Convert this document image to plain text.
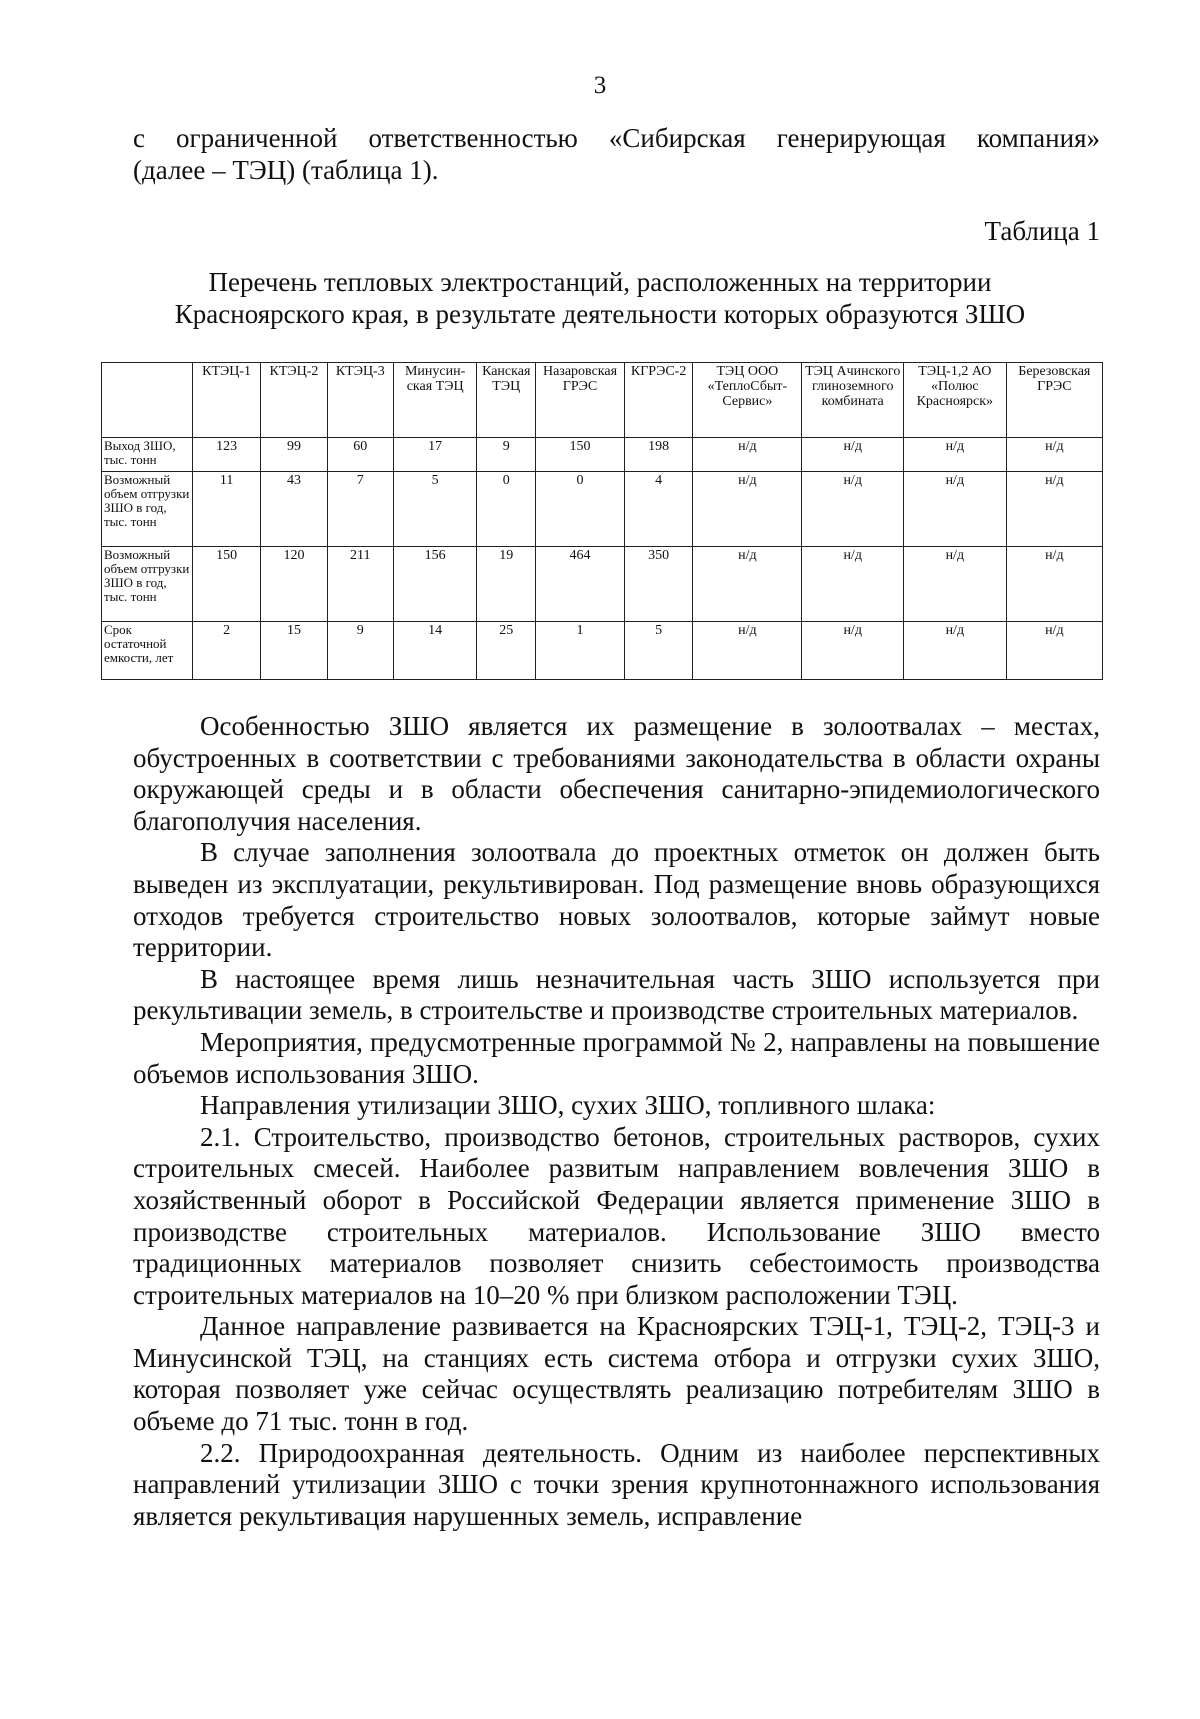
3
с ограниченной ответственностью «Сибирская генерирующая компания»
(далее – ТЭЦ) (таблица 1).
Таблица 1
Перечень тепловых электростанций, расположенных на территории
Красноярского края, в результате деятельности которых образуются ЗШО
	КТЭЦ-1	КТЭЦ-2	КТЭЦ-3	Минусин-ская ТЭЦ	Канская ТЭЦ	Назаровская ГРЭС	КГРЭС-2	ТЭЦ ООО «ТеплоСбыт-Сервис»	ТЭЦ Ачинского глиноземного комбината	ТЭЦ-1,2 АО «Полюс Красноярск»	Березовская ГРЭС
Выход ЗШО, тыс. тонн	123	99	60	17	9	150	198	н/д	н/д	н/д	н/д
Возможный объем отгрузки ЗШО в год, тыс. тонн	11	43	7	5	0	0	4	н/д	н/д	н/д	н/д
Возможный объем отгрузки ЗШО в год, тыс. тонн	150	120	211	156	19	464	350	н/д	н/д	н/д	н/д
Срок остаточной емкости, лет	2	15	9	14	25	1	5	н/д	н/д	н/д	н/д

Особенностью ЗШО является их размещение в золоотвалах – местах, обустроенных в соответствии с требованиями законодательства в области охраны окружающей среды и в области обеспечения санитарно-эпидемиологического благополучия населения.

В случае заполнения золоотвала до проектных отметок он должен быть выведен из эксплуатации, рекультивирован. Под размещение вновь образующихся отходов требуется строительство новых золоотвалов, которые займут новые территории.

В настоящее время лишь незначительная часть ЗШО используется при рекультивации земель, в строительстве и производстве строительных материалов.

Мероприятия, предусмотренные программой № 2, направлены на повышение объемов использования ЗШО.

Направления утилизации ЗШО, сухих ЗШО, топливного шлака:

2.1. Строительство, производство бетонов, строительных растворов, сухих строительных смесей. Наиболее развитым направлением вовлечения ЗШО в хозяйственный оборот в Российской Федерации является применение ЗШО в производстве строительных материалов. Использование ЗШО вместо традиционных материалов позволяет снизить себестоимость производства строительных материалов на 10–20 % при близком расположении ТЭЦ.

Данное направление развивается на Красноярских ТЭЦ-1, ТЭЦ-2, ТЭЦ-3 и Минусинской ТЭЦ, на станциях есть система отбора и отгрузки сухих ЗШО, которая позволяет уже сейчас осуществлять реализацию потребителям ЗШО в объеме до 71 тыс. тонн в год.

2.2. Природоохранная деятельность. Одним из наиболее перспективных направлений утилизации ЗШО с точки зрения крупнотоннажного использования является рекультивация нарушенных земель, исправление
